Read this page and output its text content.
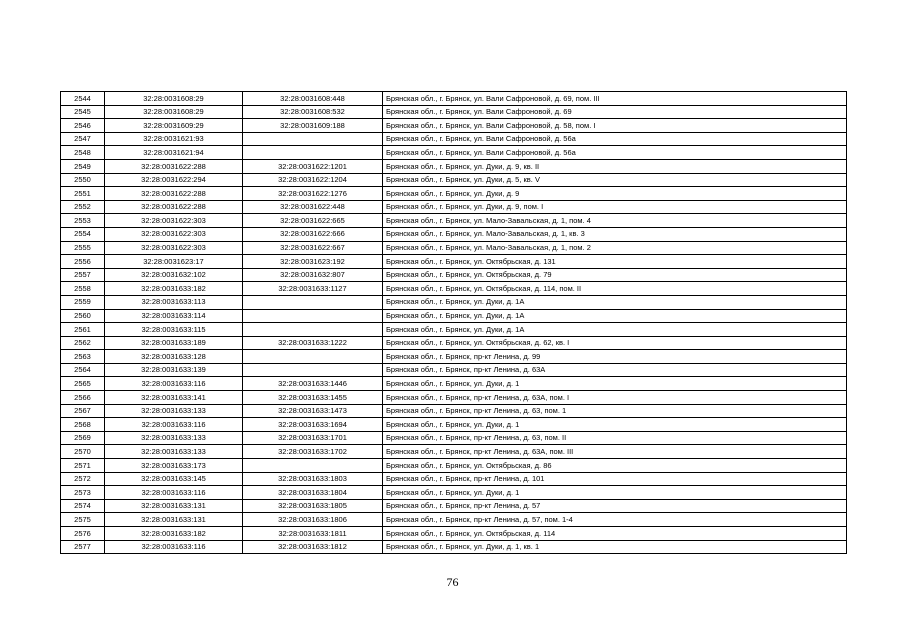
2544	32:28:0031608:29	32:28:0031608:448	Брянская обл., г. Брянск, ул. Вали Сафроновой, д. 69, пом. III
2545	32:28:0031608:29	32:28:0031608:532	Брянская обл., г. Брянск, ул. Вали Сафроновой, д. 69
2546	32:28:0031609:29	32:28:0031609:188	Брянская обл., г. Брянск, ул. Вали Сафроновой, д. 58, пом. I
2547	32:28:0031621:93		Брянская обл., г. Брянск, ул. Вали Сафроновой, д. 56а
2548	32:28:0031621:94		Брянская обл., г. Брянск, ул. Вали Сафроновой, д. 56а
2549	32:28:0031622:288	32:28:0031622:1201	Брянская обл., г. Брянск, ул. Дуки, д. 9, кв. II
2550	32:28:0031622:294	32:28:0031622:1204	Брянская обл., г. Брянск, ул. Дуки, д. 5, кв. V
2551	32:28:0031622:288	32:28:0031622:1276	Брянская обл., г. Брянск, ул. Дуки, д. 9
2552	32:28:0031622:288	32:28:0031622:448	Брянская обл., г. Брянск, ул. Дуки, д. 9, пом. I
2553	32:28:0031622:303	32:28:0031622:665	Брянская обл., г. Брянск, ул. Мало-Завальская, д. 1, пом. 4
2554	32:28:0031622:303	32:28:0031622:666	Брянская обл., г. Брянск, ул. Мало-Завальская, д. 1, кв. 3
2555	32:28:0031622:303	32:28:0031622:667	Брянская обл., г. Брянск, ул. Мало-Завальская, д. 1, пом. 2
2556	32:28:0031623:17	32:28:0031623:192	Брянская обл., г. Брянск, ул. Октябрьская, д. 131
2557	32:28:0031632:102	32:28:0031632:807	Брянская обл., г. Брянск, ул. Октябрьская, д. 79
2558	32:28:0031633:182	32:28:0031633:1127	Брянская обл., г. Брянск, ул. Октябрьская, д. 114, пом. II
2559	32:28:0031633:113		Брянская обл., г. Брянск, ул. Дуки, д. 1А
2560	32:28:0031633:114		Брянская обл., г. Брянск, ул. Дуки, д. 1А
2561	32:28:0031633:115		Брянская обл., г. Брянск, ул. Дуки, д. 1А
2562	32:28:0031633:189	32:28:0031633:1222	Брянская обл., г. Брянск, ул. Октябрьская, д. 62, кв. I
2563	32:28:0031633:128		Брянская обл., г. Брянск, пр-кт Ленина, д. 99
2564	32:28:0031633:139		Брянская обл., г. Брянск, пр-кт Ленина, д. 63А
2565	32:28:0031633:116	32:28:0031633:1446	Брянская обл., г. Брянск, ул. Дуки, д. 1
2566	32:28:0031633:141	32:28:0031633:1455	Брянская обл., г. Брянск, пр-кт Ленина, д. 63А, пом. I
2567	32:28:0031633:133	32:28:0031633:1473	Брянская обл., г. Брянск, пр-кт Ленина, д. 63, пом. 1
2568	32:28:0031633:116	32:28:0031633:1694	Брянская обл., г. Брянск, ул. Дуки, д. 1
2569	32:28:0031633:133	32:28:0031633:1701	Брянская обл., г. Брянск, пр-кт Ленина, д. 63, пом. II
2570	32:28:0031633:133	32:28:0031633:1702	Брянская обл., г. Брянск, пр-кт Ленина, д. 63А, пом. III
2571	32:28:0031633:173		Брянская обл., г. Брянск, ул. Октябрьская, д. 86
2572	32:28:0031633:145	32:28:0031633:1803	Брянская обл., г. Брянск, пр-кт Ленина, д. 101
2573	32:28:0031633:116	32:28:0031633:1804	Брянская обл., г. Брянск, ул. Дуки, д. 1
2574	32:28:0031633:131	32:28:0031633:1805	Брянская обл., г. Брянск, пр-кт Ленина, д. 57
2575	32:28:0031633:131	32:28:0031633:1806	Брянская обл., г. Брянск, пр-кт Ленина, д. 57, пом. 1-4
2576	32:28:0031633:182	32:28:0031633:1811	Брянская обл., г. Брянск, ул. Октябрьская, д. 114
2577	32:28:0031633:116	32:28:0031633:1812	Брянская обл., г. Брянск, ул. Дуки, д. 1, кв. 1
76
